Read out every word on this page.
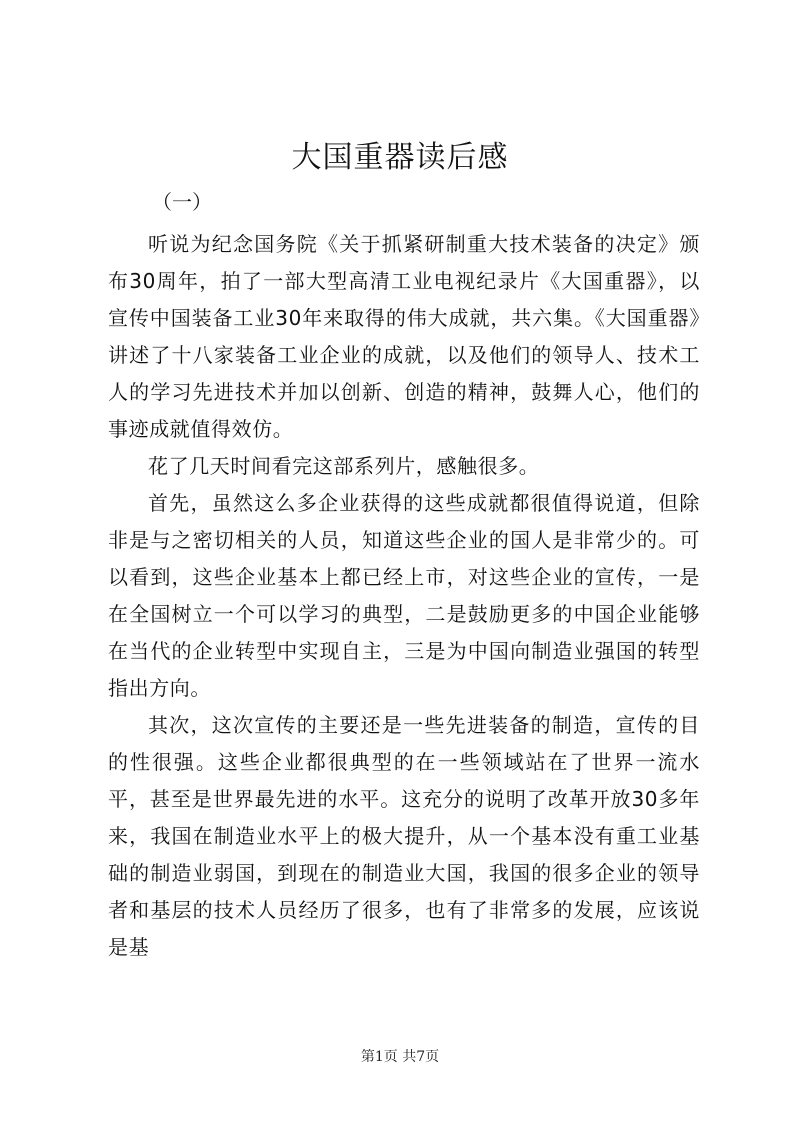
大国重器读后感
（一）

听说为纪念国务院《关于抓紧研制重大技术装备的决定》颁布30周年，拍了一部大型高清工业电视纪录片《大国重器》，以宣传中国装备工业30年来取得的伟大成就，共六集。《大国重器》讲述了十八家装备工业企业的成就，以及他们的领导人、技术工人的学习先进技术并加以创新、创造的精神，鼓舞人心，他们的事迹成就值得效仿。

花了几天时间看完这部系列片，感触很多。

首先，虽然这么多企业获得的这些成就都很值得说道，但除非是与之密切相关的人员，知道这些企业的国人是非常少的。可以看到，这些企业基本上都已经上市，对这些企业的宣传，一是在全国树立一个可以学习的典型，二是鼓励更多的中国企业能够在当代的企业转型中实现自主，三是为中国向制造业强国的转型指出方向。

其次，这次宣传的主要还是一些先进装备的制造，宣传的目的性很强。这些企业都很典型的在一些领域站在了世界一流水平，甚至是世界最先进的水平。这充分的说明了改革开放30多年来，我国在制造业水平上的极大提升，从一个基本没有重工业基础的制造业弱国，到现在的制造业大国，我国的很多企业的领导者和基层的技术人员经历了很多，也有了非常多的发展，应该说是基

第1页 共7页
